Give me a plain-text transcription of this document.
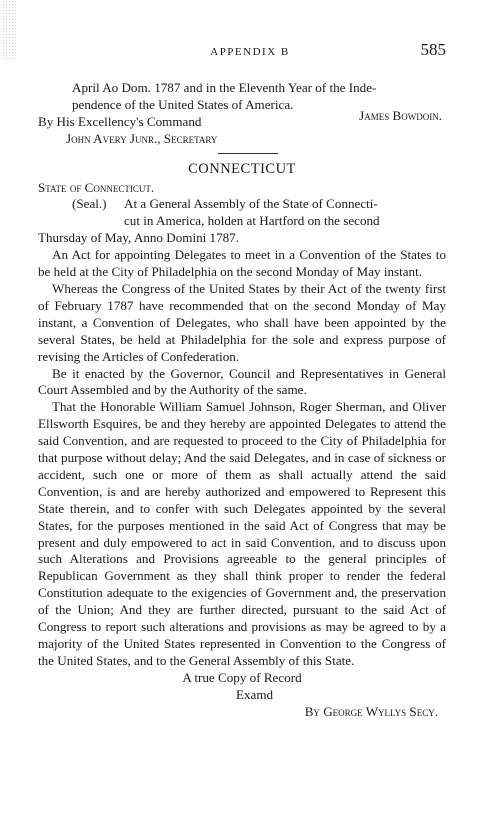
APPENDIX B	585

April Ao Dom. 1787 and in the Eleventh Year of the Inde-

pendence of the United States of America.
By His Excellency's Command	James Bowdoin.

John Avery Junr., Secretary

CONNECTICUT

State of Connecticut.

(Seal.)	At a General Assembly of the State of Connecti-

cut in America, holden at Hartford on the second

Thursday of May, Anno Domini 1787.

An Act for appointing Delegates to meet in a Convention of the States to be held at the City of Philadelphia on the second Monday of May instant.

Whereas the Congress of the United States by their Act of the twenty first of February 1787 have recommended that on the second Monday of May instant, a Convention of Delegates, who shall have been appointed by the several States, be held at Philadelphia for the sole and express purpose of revising the Articles of Confederation.

Be it enacted by the Governor, Council and Representatives in General Court Assembled and by the Authority of the same.

That the Honorable William Samuel Johnson, Roger Sherman, and Oliver Ellsworth Esquires, be and they hereby are appointed Delegates to attend the said Convention, and are requested to proceed to the City of Philadelphia for that purpose without delay; And the said Delegates, and in case of sickness or accident, such one or more of them as shall actually attend the said Convention, is and are hereby authorized and empowered to Represent this State therein, and to confer with such Delegates appointed by the several States, for the purposes mentioned in the said Act of Congress that may be present and duly empowered to act in said Convention, and to discuss upon such Alterations and Provisions agreeable to the general principles of Republican Government as they shall think proper to render the federal Constitution adequate to the exigencies of Government and, the preservation of the Union; And they are further directed, pursuant to the said Act of Congress to report such alterations and provisions as may be agreed to by a majority of the United States represented in Convention to the Congress of the United States, and to the General Assembly of this State.

A true Copy of Record

Examd

By George Wyllys Secy.
